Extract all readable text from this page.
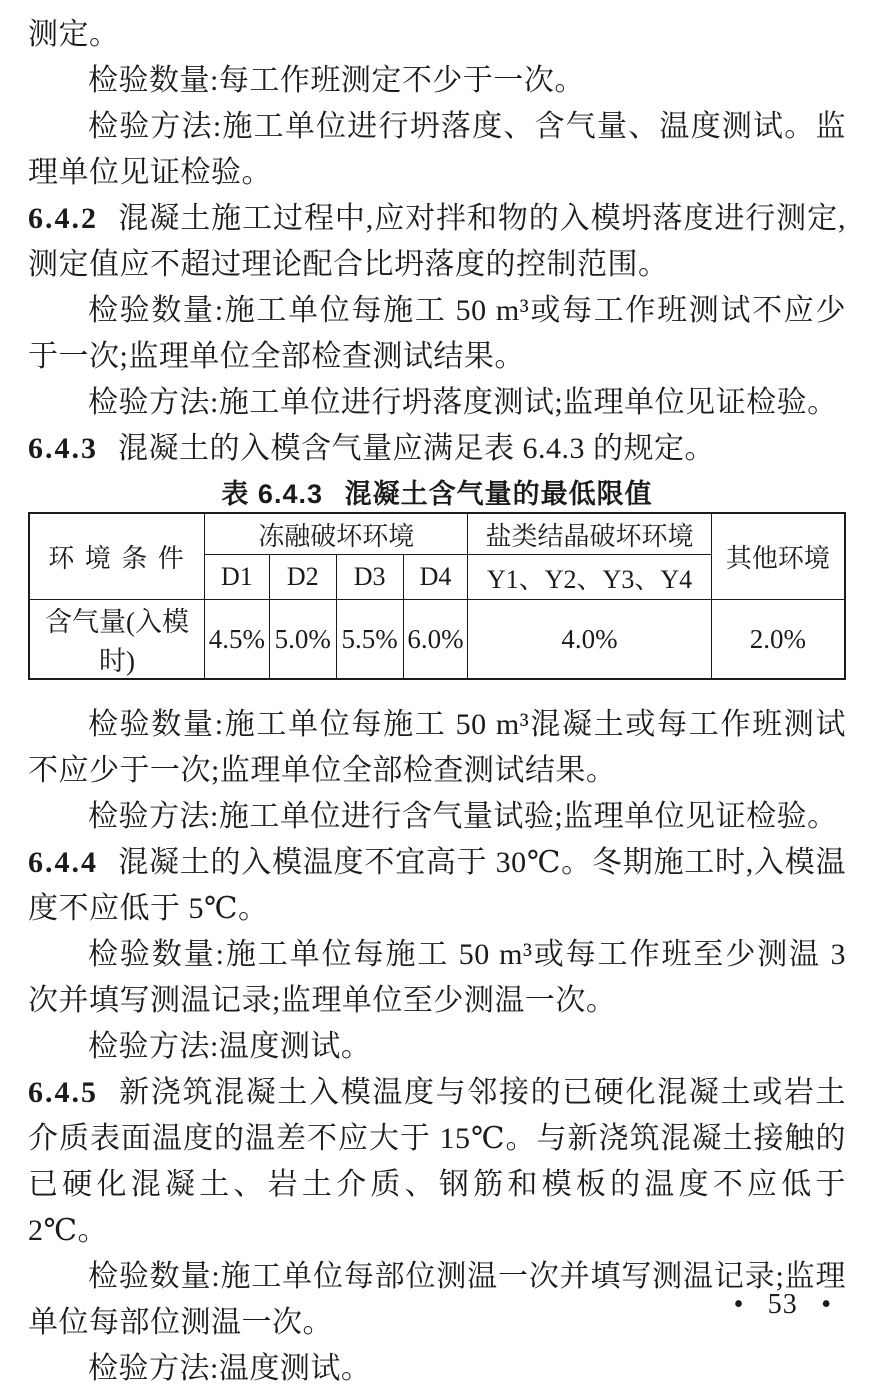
测定。

检验数量:每工作班测定不少于一次。

检验方法:施工单位进行坍落度、含气量、温度测试。监理单位见证检验。

6.4.2 混凝土施工过程中,应对拌和物的入模坍落度进行测定,测定值应不超过理论配合比坍落度的控制范围。

检验数量:施工单位每施工 50 m³或每工作班测试不应少于一次;监理单位全部检查测试结果。

检验方法:施工单位进行坍落度测试;监理单位见证检验。

6.4.3 混凝土的入模含气量应满足表 6.4.3 的规定。

表 6.4.3 混凝土含气量的最低限值
环 境 条 件	冻融破坏环境				盐类结晶破坏环境	其他环境
	D1	D2	D3	D4	Y1、Y2、Y3、Y4	
含气量(入模时)	4.5%	5.0%	5.5%	6.0%	4.0%	2.0%

检验数量:施工单位每施工 50 m³混凝土或每工作班测试不应少于一次;监理单位全部检查测试结果。

检验方法:施工单位进行含气量试验;监理单位见证检验。

6.4.4 混凝土的入模温度不宜高于 30℃。冬期施工时,入模温度不应低于 5℃。

检验数量:施工单位每施工 50 m³或每工作班至少测温 3 次并填写测温记录;监理单位至少测温一次。

检验方法:温度测试。

6.4.5 新浇筑混凝土入模温度与邻接的已硬化混凝土或岩土介质表面温度的温差不应大于 15℃。与新浇筑混凝土接触的已硬化混凝土、岩土介质、钢筋和模板的温度不应低于 2℃。

检验数量:施工单位每部位测温一次并填写测温记录;监理单位每部位测温一次。

检验方法:温度测试。

• 53 •
